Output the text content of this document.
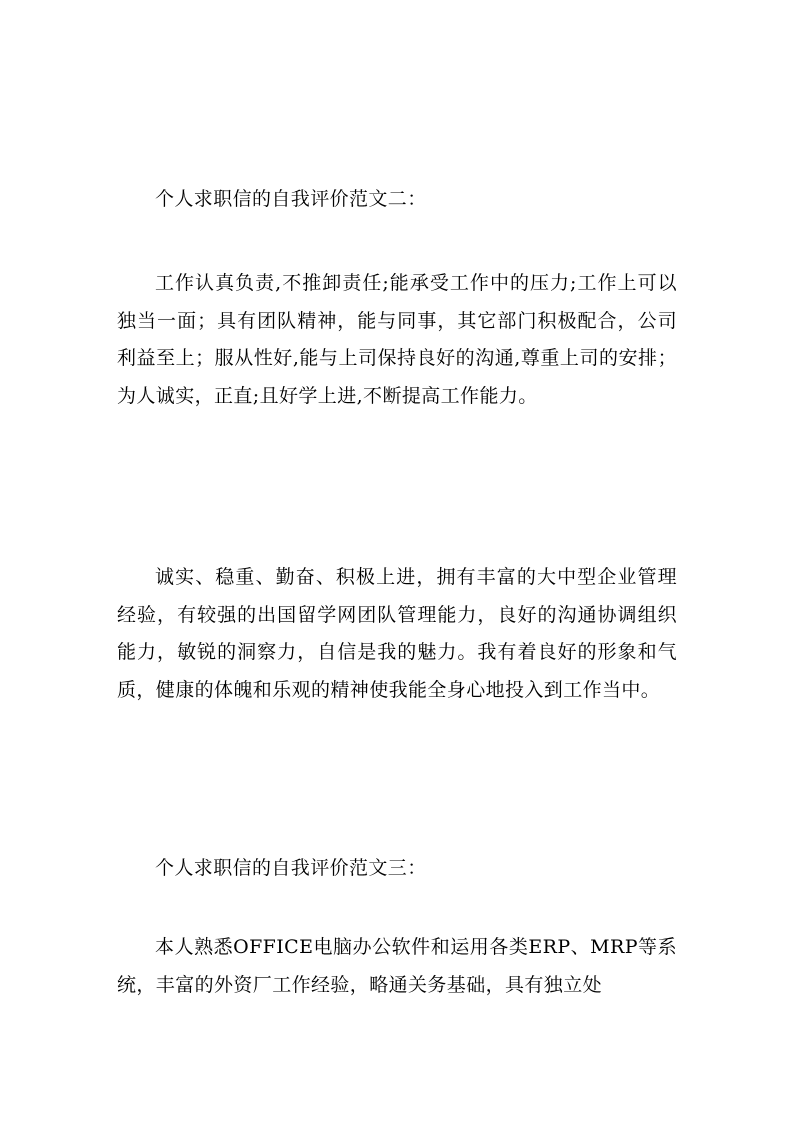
个人求职信的自我评价范文二：

工作认真负责,不推卸责任;能承受工作中的压力;工作上可以独当一面；具有团队精神，能与同事，其它部门积极配合，公司利益至上；服从性好,能与上司保持良好的沟通,尊重上司的安排；为人诚实，正直;且好学上进,不断提高工作能力。

诚实、稳重、勤奋、积极上进，拥有丰富的大中型企业管理经验，有较强的出国留学网团队管理能力，良好的沟通协调组织能力，敏锐的洞察力，自信是我的魅力。我有着良好的形象和气质，健康的体魄和乐观的精神使我能全身心地投入到工作当中。

个人求职信的自我评价范文三：

本人熟悉OFFICE电脑办公软件和运用各类ERP、MRP等系统，丰富的外资厂工作经验，略通关务基础，具有独立处
